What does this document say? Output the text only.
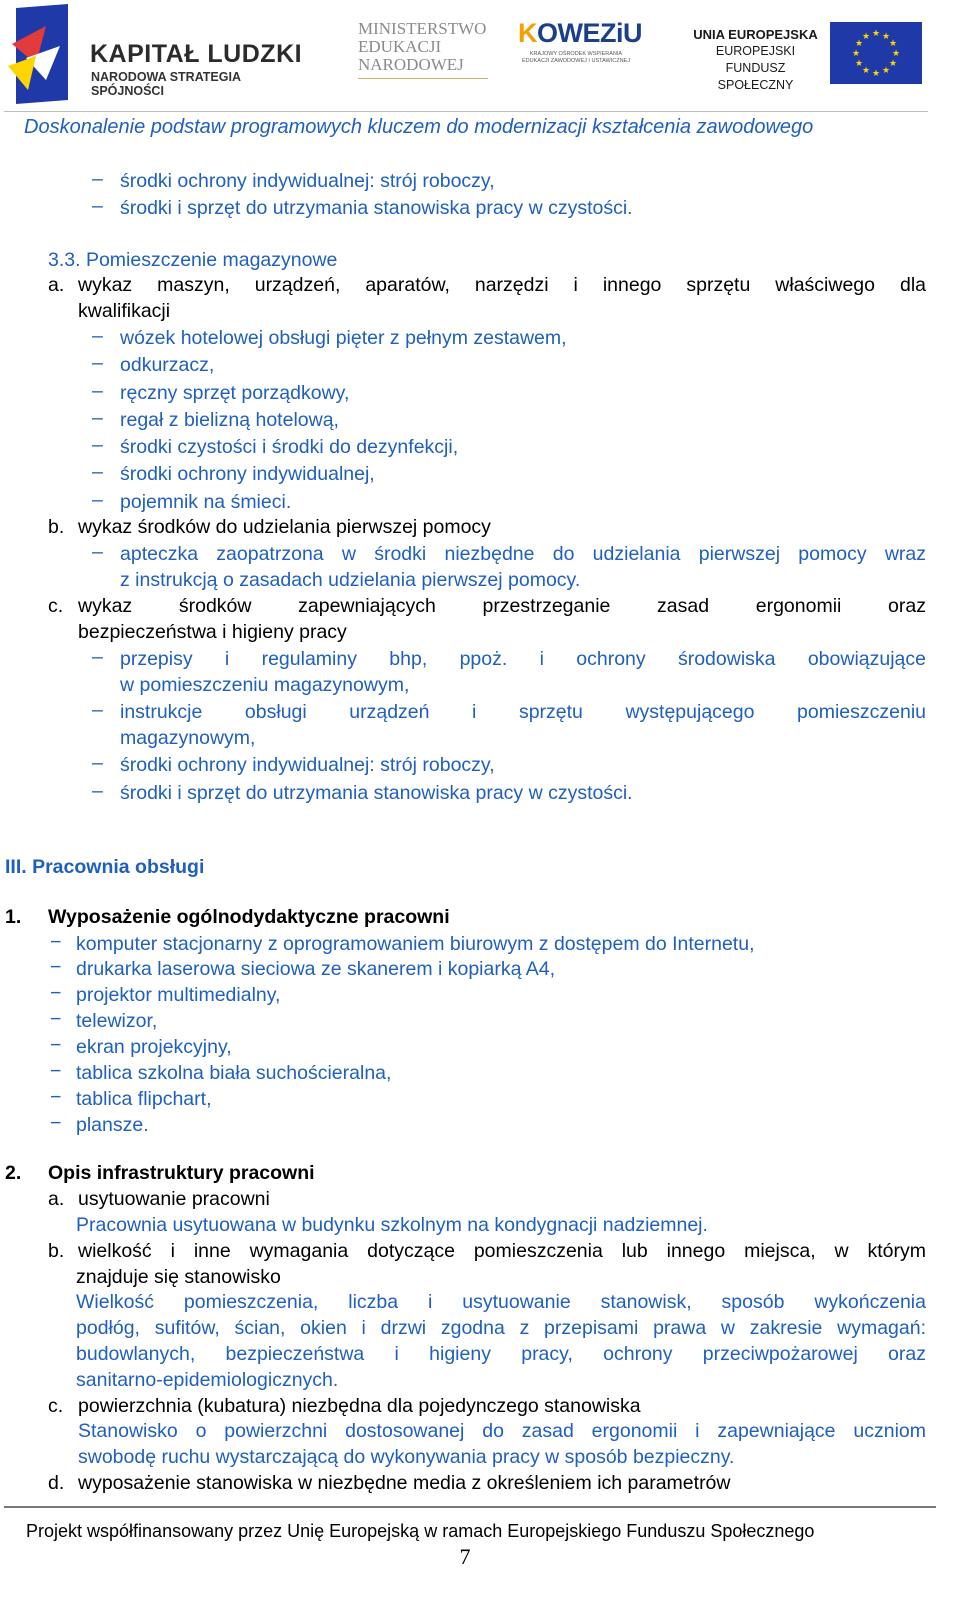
KAPITAŁ LUDZKI
NARODOWA STRATEGIA SPÓJNOŚCI
MINISTERSTWO
EDUKACJI
NARODOWEJ
KOWEZiU
KRAJOWY OŚRODEK WSPIERANIA EDUKACJI ZAWODOWEJ I USTAWICZNEJ
UNIA EUROPEJSKA
EUROPEJSKI
FUNDUSZ SPOŁECZNY
★ ★
★
★
★
★
★
★
★
★
★
★
Doskonalenie podstaw programowych kluczem do modernizacji kształcenia zawodowego
– środki ochrony indywidualnej: strój roboczy,
– środki i sprzęt do utrzymania stanowiska pracy w czystości.
3.3. Pomieszczenie magazynowe
a. wykaz maszyn, urządzeń, aparatów, narzędzi i innego sprzętu właściwego dla
kwalifikacji
– wózek hotelowej obsługi pięter z pełnym zestawem,
– odkurzacz,
– ręczny sprzęt porządkowy,
– regał z bielizną hotelową,
– środki czystości i środki do dezynfekcji,
– środki ochrony indywidualnej,
– pojemnik na śmieci.
b. wykaz środków do udzielania pierwszej pomocy
– apteczka zaopatrzona w środki niezbędne do udzielania pierwszej pomocy wraz
z instrukcją o zasadach udzielania pierwszej pomocy.
c. wykaz środków zapewniających przestrzeganie zasad ergonomii oraz
bezpieczeństwa i higieny pracy
– przepisy i regulaminy bhp, ppoż. i ochrony środowiska obowiązujące
w pomieszczeniu magazynowym,
– instrukcje obsługi urządzeń i sprzętu występującego pomieszczeniu
magazynowym,
– środki ochrony indywidualnej: strój roboczy,
– środki i sprzęt do utrzymania stanowiska pracy w czystości.
III. Pracownia obsługi
1. Wyposażenie ogólnodydaktyczne pracowni
− komputer stacjonarny z oprogramowaniem biurowym z dostępem do Internetu,
− drukarka laserowa sieciowa ze skanerem i kopiarką A4,
− projektor multimedialny,
− telewizor,
− ekran projekcyjny,
− tablica szkolna biała suchościeralna,
− tablica flipchart,
− plansze.
2. Opis infrastruktury pracowni
a. usytuowanie pracowni
Pracownia usytuowana w budynku szkolnym na kondygnacji nadziemnej.
b. wielkość i inne wymagania dotyczące pomieszczenia lub innego miejsca, w którym
znajduje się stanowisko
Wielkość pomieszczenia, liczba i usytuowanie stanowisk, sposób wykończenia
podłóg, sufitów, ścian, okien i drzwi zgodna z przepisami prawa w zakresie wymagań:
budowlanych, bezpieczeństwa i higieny pracy, ochrony przeciwpożarowej oraz
sanitarno-epidemiologicznych.
c. powierzchnia (kubatura) niezbędna dla pojedynczego stanowiska
Stanowisko o powierzchni dostosowanej do zasad ergonomii i zapewniające uczniom
swobodę ruchu wystarczającą do wykonywania pracy w sposób bezpieczny.
d. wyposażenie stanowiska w niezbędne media z określeniem ich parametrów
Projekt współfinansowany przez Unię Europejską w ramach Europejskiego Funduszu Społecznego
7
